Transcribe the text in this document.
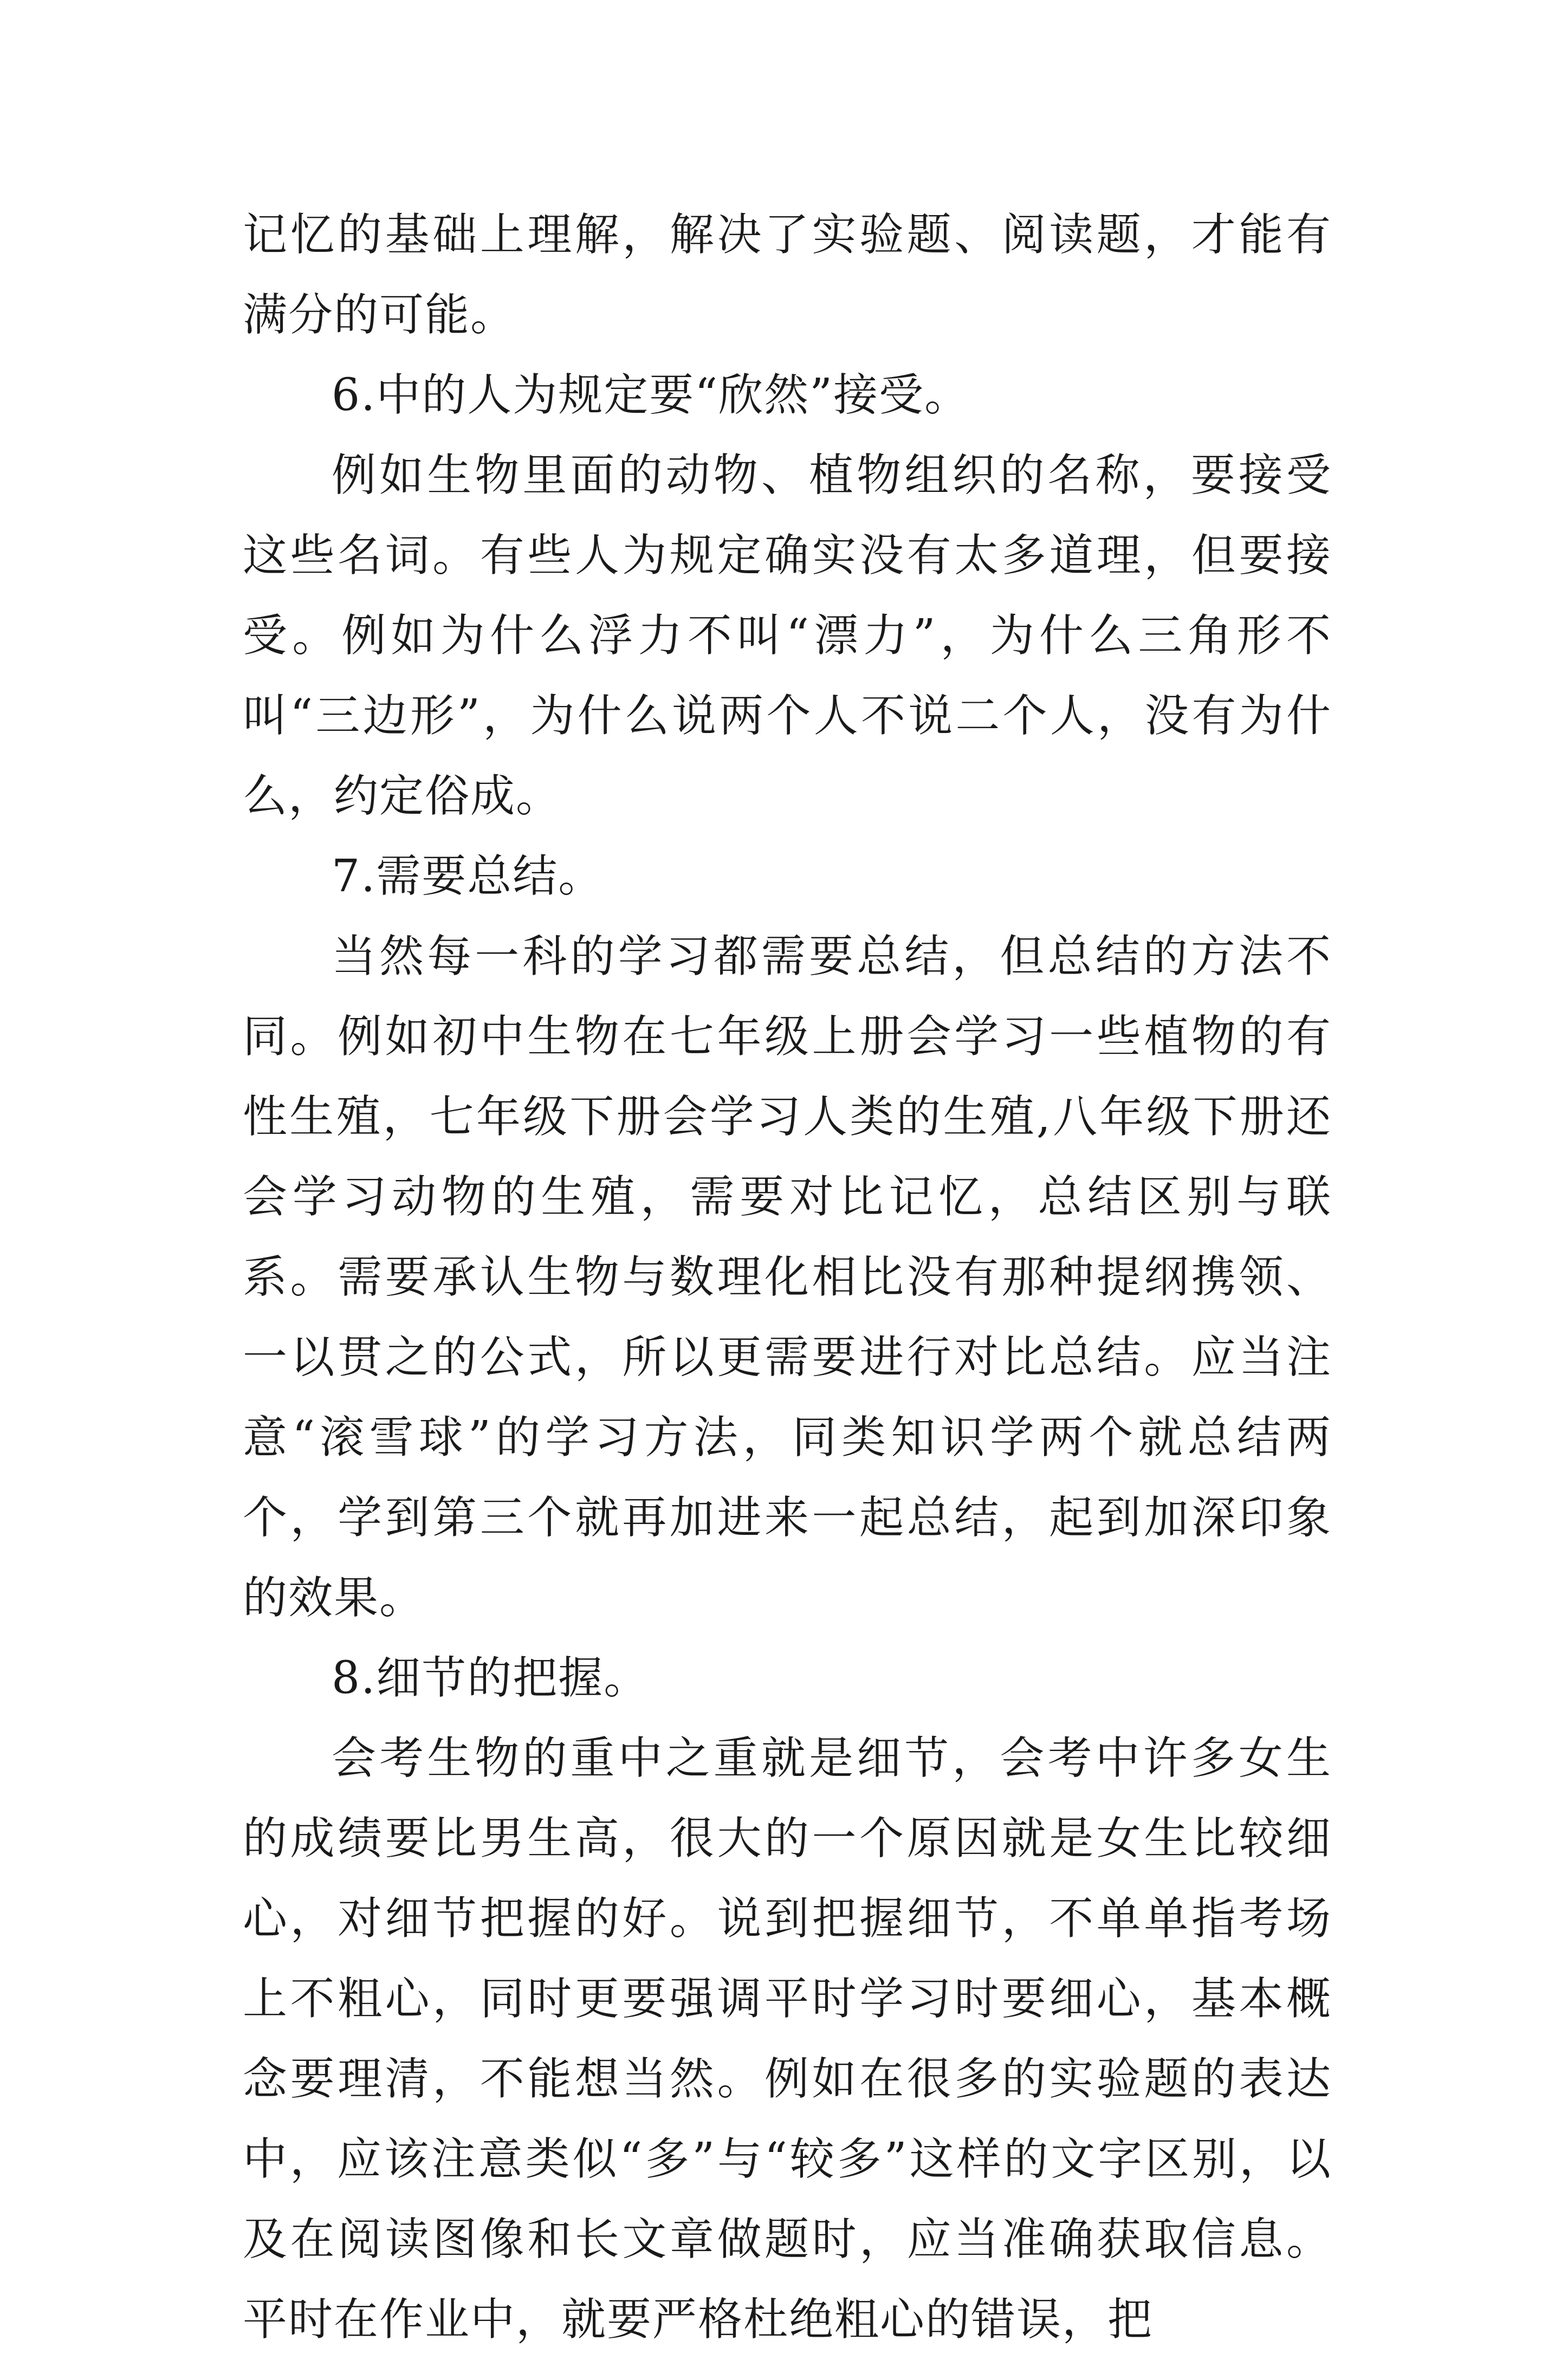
记忆的基础上理解，解决了实验题、阅读题，才能有满分的可能。

6.中的人为规定要“欣然”接受。

例如生物里面的动物、植物组织的名称，要接受这些名词。有些人为规定确实没有太多道理，但要接受。例如为什么浮力不叫“漂力”，为什么三角形不叫“三边形”，为什么说两个人不说二个人，没有为什么，约定俗成。

7.需要总结。

当然每一科的学习都需要总结，但总结的方法不同。例如初中生物在七年级上册会学习一些植物的有性生殖，七年级下册会学习人类的生殖,八年级下册还会学习动物的生殖，需要对比记忆，总结区别与联系。需要承认生物与数理化相比没有那种提纲携领、一以贯之的公式，所以更需要进行对比总结。应当注意“滚雪球”的学习方法，同类知识学两个就总结两个，学到第三个就再加进来一起总结，起到加深印象的效果。

8.细节的把握。

会考生物的重中之重就是细节，会考中许多女生的成绩要比男生高，很大的一个原因就是女生比较细心，对细节把握的好。说到把握细节，不单单指考场上不粗心，同时更要强调平时学习时要细心，基本概念要理清，不能想当然。例如在很多的实验题的表达中，应该注意类似“多”与“较多”这样的文字区别，以及在阅读图像和长文章做题时，应当准确获取信息。平时在作业中，就要严格杜绝粗心的错误，把
